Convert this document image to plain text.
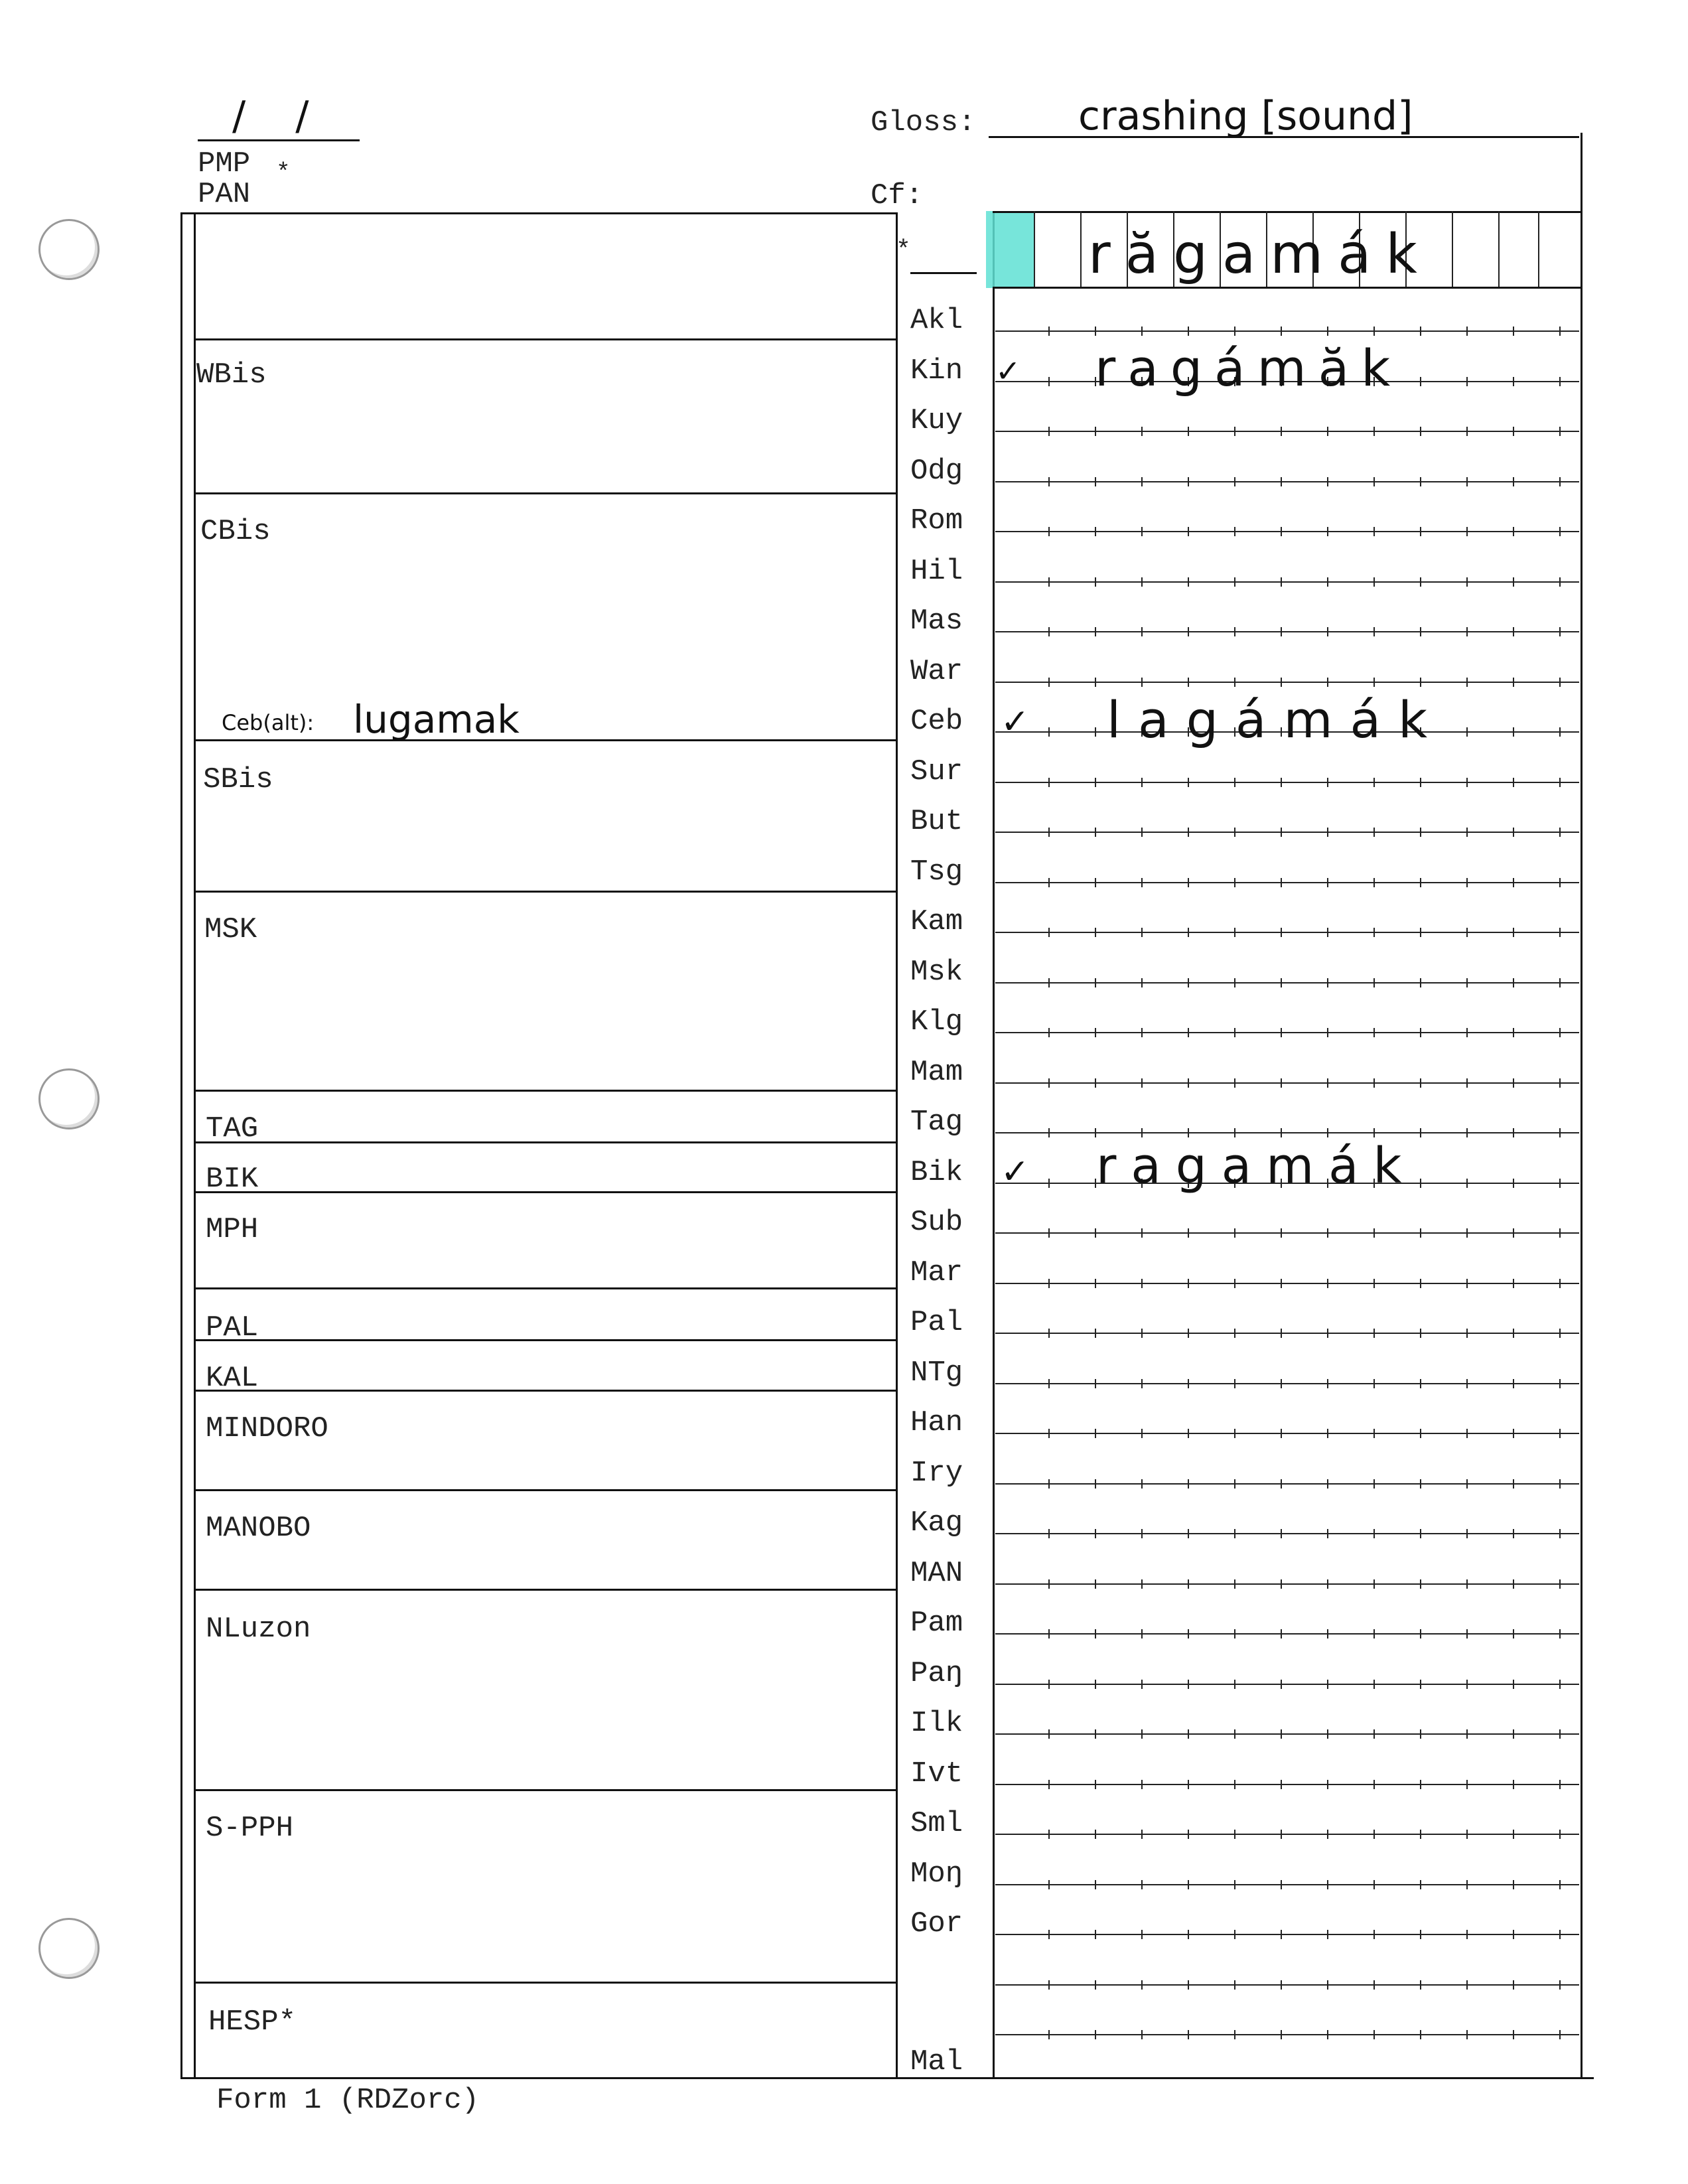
/ /
PMP
PAN
*
Gloss:	crashing [sound]
Cf:
WBis
CBis
SBis
MSK
TAG
BIK
MPH
PAL
KAL
MINDORO
MANOBO
NLuzon
S-PPH
HESP*
Ceb(alt): lugamak
*	răgamák
Akl
Kin
Kuy
Odg
Rom
Hil
Mas
War
Ceb
Sur
But
Tsg
Kam
Msk
Klg
Mam
Tag
Bik
Sub
Mar
Pal
NTg
Han
Iry
Kag
MAN
Pam
Paŋ
Ilk
Ivt
Sml
Moŋ
Gor
Mal
✓ ragámăk
✓ lagámák
✓ ragamák
Form 1 (RDZorc)
